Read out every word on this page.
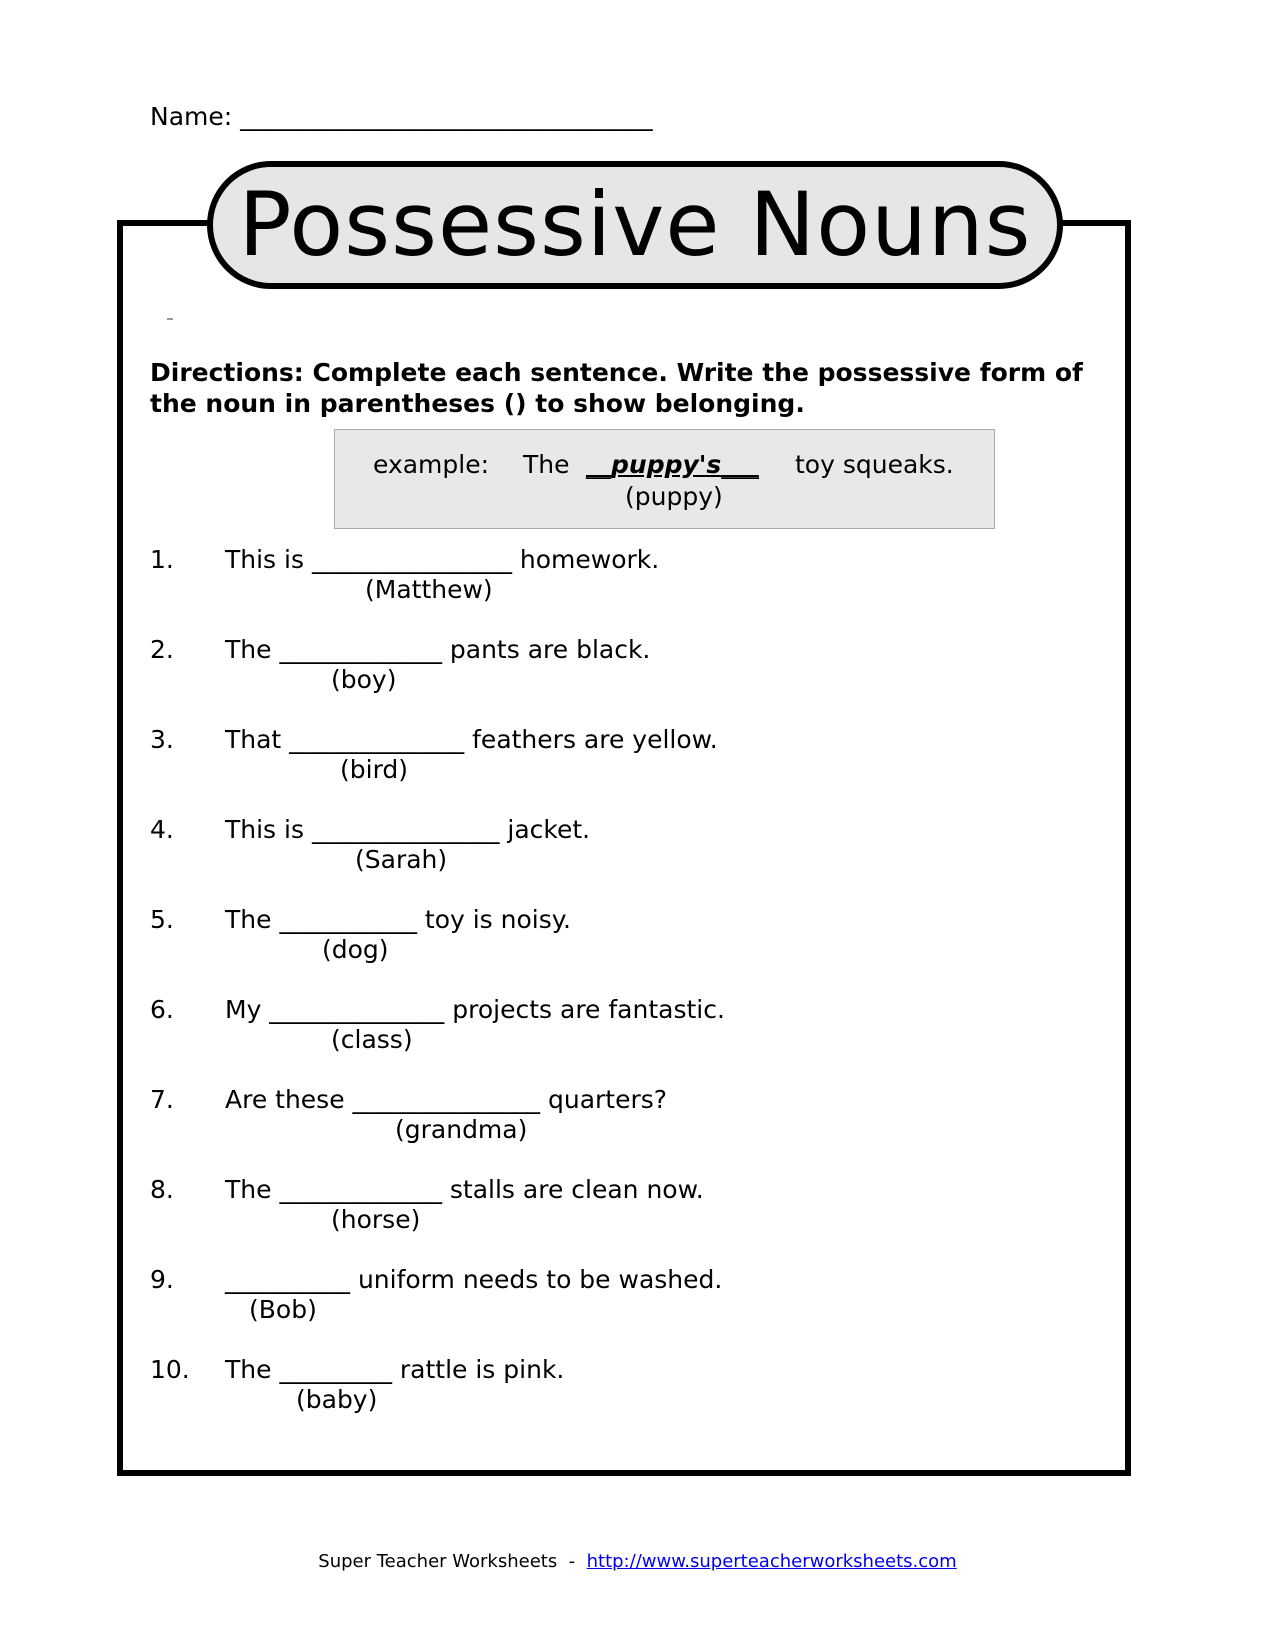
Name: _________________________________
Possessive Nouns
Directions: Complete each sentence. Write the possessive form of the noun in parentheses () to show belonging.
example: The __puppy's___ toy squeaks.
(puppy)
1. This is ________________ homework.
(Matthew)
2. The _____________ pants are black.
(boy)
3. That ______________ feathers are yellow.
(bird)
4. This is _______________ jacket.
(Sarah)
5. The ___________ toy is noisy.
(dog)
6. My ______________ projects are fantastic.
(class)
7. Are these _______________ quarters?
(grandma)
8. The _____________ stalls are clean now.
(horse)
9. __________ uniform needs to be washed.
(Bob)
10. The _________ rattle is pink.
(baby)
Super Teacher Worksheets  -  http://www.superteacherworksheets.com
